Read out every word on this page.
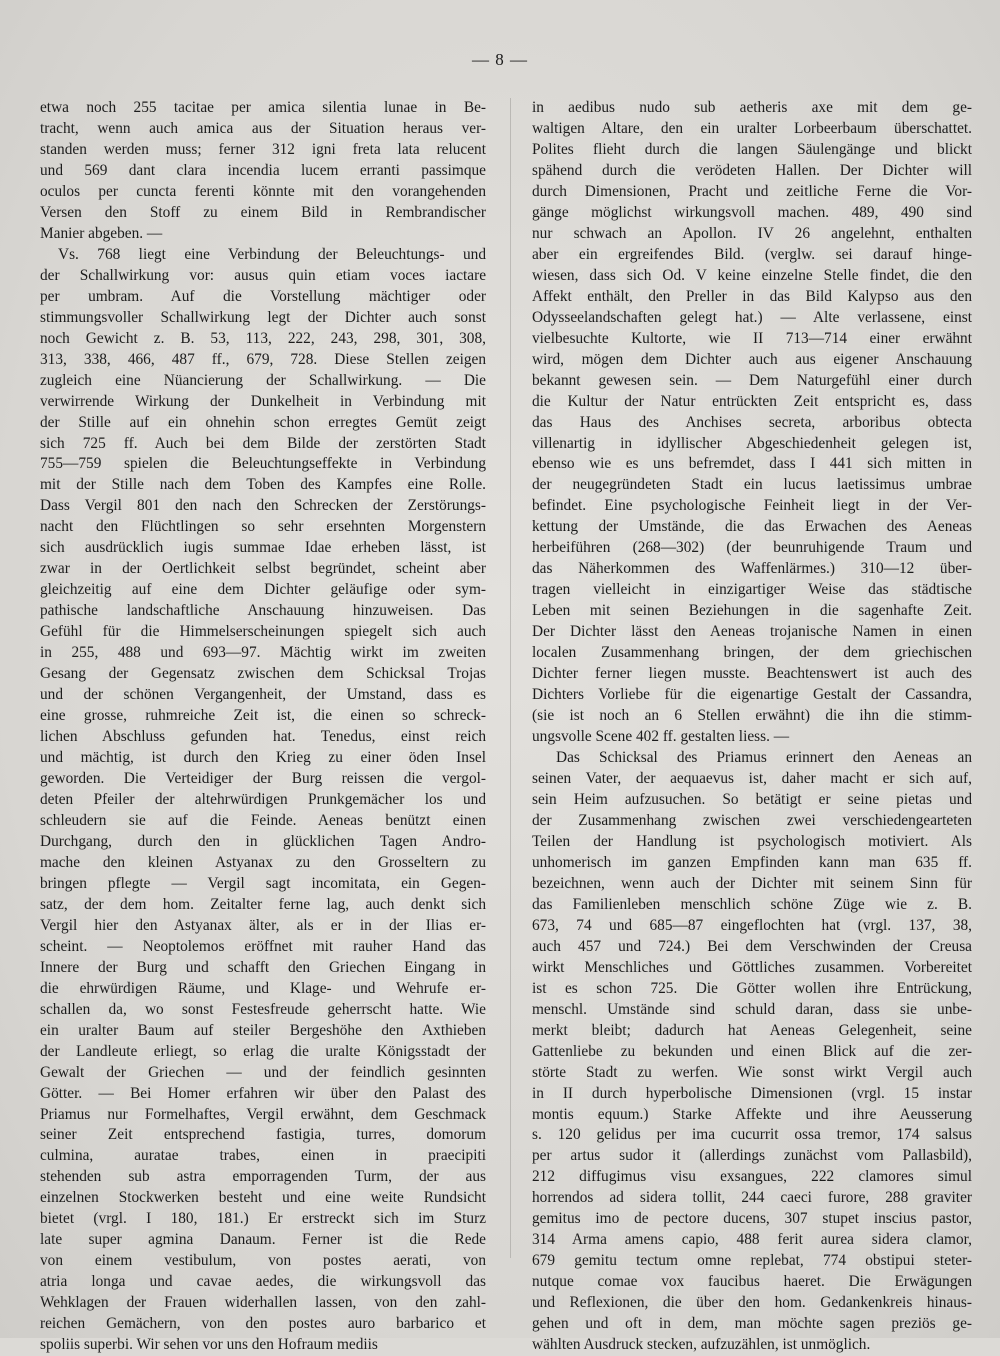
— 8 —
etwa noch 255 tacitae per amica silentia lunae in Be-
tracht, wenn auch amica aus der Situation heraus ver-
standen werden muss; ferner 312 igni freta lata relucent
und 569 dant clara incendia lucem erranti passimque
oculos per cuncta ferenti könnte mit den vorangehenden
Versen den Stoff zu einem Bild in Rembrandischer
Manier abgeben. —
Vs. 768 liegt eine Verbindung der Beleuchtungs- und
der Schallwirkung vor: ausus quin etiam voces iactare
per umbram. Auf die Vorstellung mächtiger oder
stimmungsvoller Schallwirkung legt der Dichter auch sonst
noch Gewicht z. B. 53, 113, 222, 243, 298, 301, 308,
313, 338, 466, 487 ff., 679, 728. Diese Stellen zeigen
zugleich eine Nüancierung der Schallwirkung. — Die
verwirrende Wirkung der Dunkelheit in Verbindung mit
der Stille auf ein ohnehin schon erregtes Gemüt zeigt
sich 725 ff. Auch bei dem Bilde der zerstörten Stadt
755—759 spielen die Beleuchtungseffekte in Verbindung
mit der Stille nach dem Toben des Kampfes eine Rolle.
Dass Vergil 801 den nach den Schrecken der Zerstörungs-
nacht den Flüchtlingen so sehr ersehnten Morgenstern
sich ausdrücklich iugis summae Idae erheben lässt, ist
zwar in der Oertlichkeit selbst begründet, scheint aber
gleichzeitig auf eine dem Dichter geläufige oder sym-
pathische landschaftliche Anschauung hinzuweisen. Das
Gefühl für die Himmelserscheinungen spiegelt sich auch
in 255, 488 und 693—97. Mächtig wirkt im zweiten
Gesang der Gegensatz zwischen dem Schicksal Trojas
und der schönen Vergangenheit, der Umstand, dass es
eine grosse, ruhmreiche Zeit ist, die einen so schreck-
lichen Abschluss gefunden hat. Tenedus, einst reich
und mächtig, ist durch den Krieg zu einer öden Insel
geworden. Die Verteidiger der Burg reissen die vergol-
deten Pfeiler der altehrwürdigen Prunkgemächer los und
schleudern sie auf die Feinde. Aeneas benützt einen
Durchgang, durch den in glücklichen Tagen Andro-
mache den kleinen Astyanax zu den Grosseltern zu
bringen pflegte — Vergil sagt incomitata, ein Gegen-
satz, der dem hom. Zeitalter ferne lag, auch denkt sich
Vergil hier den Astyanax älter, als er in der Ilias er-
scheint. — Neoptolemos eröffnet mit rauher Hand das
Innere der Burg und schafft den Griechen Eingang in
die ehrwürdigen Räume, und Klage- und Wehrufe er-
schallen da, wo sonst Festesfreude geherrscht hatte. Wie
ein uralter Baum auf steiler Bergeshöhe den Axthieben
der Landleute erliegt, so erlag die uralte Königsstadt der
Gewalt der Griechen — und der feindlich gesinnten
Götter. — Bei Homer erfahren wir über den Palast des
Priamus nur Formelhaftes, Vergil erwähnt, dem Geschmack
seiner Zeit entsprechend fastigia, turres, domorum
culmina, auratae trabes, einen in praecipiti
stehenden sub astra emporragenden Turm, der aus
einzelnen Stockwerken besteht und eine weite Rundsicht
bietet (vrgl. I 180, 181.) Er erstreckt sich im Sturz
late super agmina Danaum. Ferner ist die Rede
von einem vestibulum, von postes aerati, von
atria longa und cavae aedes, die wirkungsvoll das
Wehklagen der Frauen widerhallen lassen, von den zahl-
reichen Gemächern, von den postes auro barbarico et
spoliis superbi. Wir sehen vor uns den Hofraum mediis
in aedibus nudo sub aetheris axe mit dem ge-
waltigen Altare, den ein uralter Lorbeerbaum überschattet.
Polites flieht durch die langen Säulengänge und blickt
spähend durch die verödeten Hallen. Der Dichter will
durch Dimensionen, Pracht und zeitliche Ferne die Vor-
gänge möglichst wirkungsvoll machen. 489, 490 sind
nur schwach an Apollon. IV 26 angelehnt, enthalten
aber ein ergreifendes Bild. (verglw. sei darauf hinge-
wiesen, dass sich Od. V keine einzelne Stelle findet, die den
Affekt enthält, den Preller in das Bild Kalypso aus den
Odysseelandschaften gelegt hat.) — Alte verlassene, einst
vielbesuchte Kultorte, wie II 713—714 einer erwähnt
wird, mögen dem Dichter auch aus eigener Anschauung
bekannt gewesen sein. — Dem Naturgefühl einer durch
die Kultur der Natur entrückten Zeit entspricht es, dass
das Haus des Anchises secreta, arboribus obtecta
villenartig in idyllischer Abgeschiedenheit gelegen ist,
ebenso wie es uns befremdet, dass I 441 sich mitten in
der neugegründeten Stadt ein lucus laetissimus umbrae
befindet. Eine psychologische Feinheit liegt in der Ver-
kettung der Umstände, die das Erwachen des Aeneas
herbeiführen (268—302) (der beunruhigende Traum und
das Näherkommen des Waffenlärmes.) 310—12 über-
tragen vielleicht in einzigartiger Weise das städtische
Leben mit seinen Beziehungen in die sagenhafte Zeit.
Der Dichter lässt den Aeneas trojanische Namen in einen
localen Zusammenhang bringen, der dem griechischen
Dichter ferner liegen musste. Beachtenswert ist auch des
Dichters Vorliebe für die eigenartige Gestalt der Cassandra,
(sie ist noch an 6 Stellen erwähnt) die ihn die stimm-
ungsvolle Scene 402 ff. gestalten liess. —
Das Schicksal des Priamus erinnert den Aeneas an
seinen Vater, der aequaevus ist, daher macht er sich auf,
sein Heim aufzusuchen. So betätigt er seine pietas und
der Zusammenhang zwischen zwei verschiedengearteten
Teilen der Handlung ist psychologisch motiviert. Als
unhomerisch im ganzen Empfinden kann man 635 ff.
bezeichnen, wenn auch der Dichter mit seinem Sinn für
das Familienleben menschlich schöne Züge wie z. B.
673, 74 und 685—87 eingeflochten hat (vrgl. 137, 38,
auch 457 und 724.) Bei dem Verschwinden der Creusa
wirkt Menschliches und Göttliches zusammen. Vorbereitet
ist es schon 725. Die Götter wollen ihre Entrückung,
menschl. Umstände sind schuld daran, dass sie unbe-
merkt bleibt; dadurch hat Aeneas Gelegenheit, seine
Gattenliebe zu bekunden und einen Blick auf die zer-
störte Stadt zu werfen. Wie sonst wirkt Vergil auch
in II durch hyperbolische Dimensionen (vrgl. 15 instar
montis equum.) Starke Affekte und ihre Aeusserung
s. 120 gelidus per ima cucurrit ossa tremor, 174 salsus
per artus sudor it (allerdings zunächst vom Pallasbild),
212 diffugimus visu exsangues, 222 clamores simul
horrendos ad sidera tollit, 244 caeci furore, 288 graviter
gemitus imo de pectore ducens, 307 stupet inscius pastor,
314 Arma amens capio, 488 ferit aurea sidera clamor,
679 gemitu tectum omne replebat, 774 obstipui steter-
nutque comae vox faucibus haeret. Die Erwägungen
und Reflexionen, die über den hom. Gedankenkreis hinaus-
gehen und oft in dem, man möchte sagen preziös ge-
wählten Ausdruck stecken, aufzuzählen, ist unmöglich.
